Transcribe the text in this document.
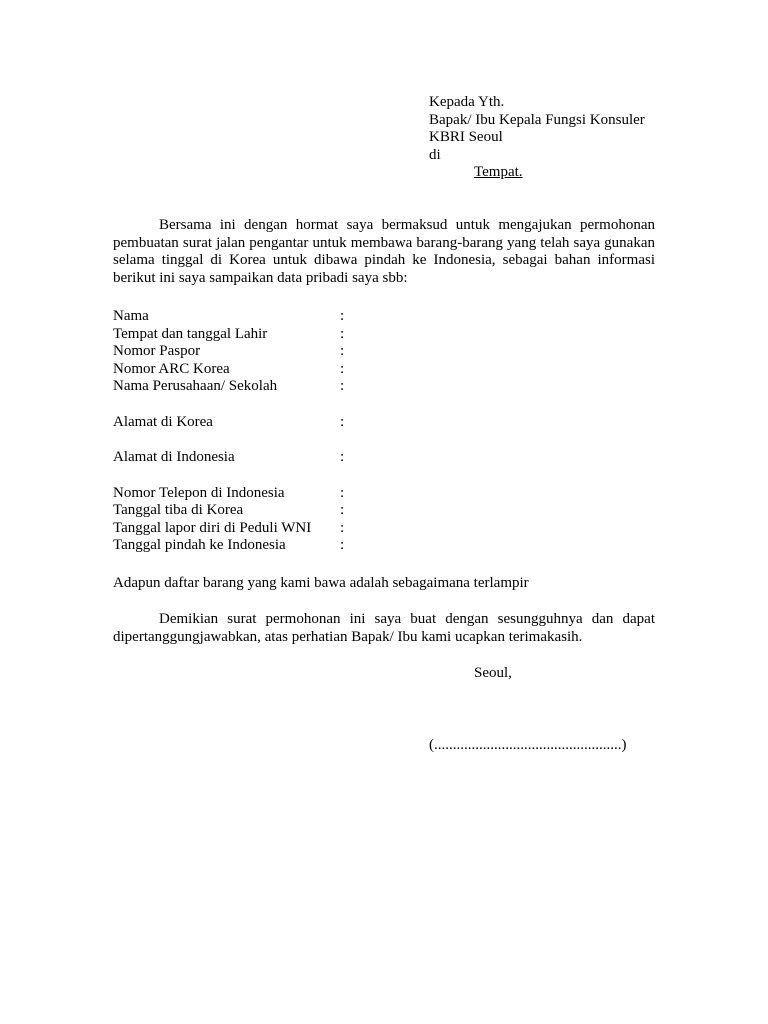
Kepada Yth.
Bapak/ Ibu Kepala Fungsi Konsuler
KBRI Seoul
di
Tempat.

Bersama ini dengan hormat saya bermaksud untuk mengajukan permohonan pembuatan surat jalan pengantar untuk membawa barang-barang yang telah saya gunakan selama tinggal di Korea untuk dibawa pindah ke Indonesia, sebagai bahan informasi berikut ini saya sampaikan data pribadi saya sbb:

Nama	:
Tempat dan tanggal Lahir	:
Nomor Paspor	:
Nomor ARC Korea	:
Nama Perusahaan/ Sekolah	:
Alamat di Korea	:
Alamat di Indonesia	:
Nomor Telepon di Indonesia	:
Tanggal tiba di Korea	:
Tanggal lapor diri di Peduli WNI	:
Tanggal pindah ke Indonesia	:

Adapun daftar barang yang kami bawa adalah sebagaimana terlampir

Demikian surat permohonan ini saya buat dengan sesungguhnya dan dapat dipertanggungjawabkan, atas perhatian Bapak/ Ibu kami ucapkan terimakasih.

Seoul,
(..................................................)
